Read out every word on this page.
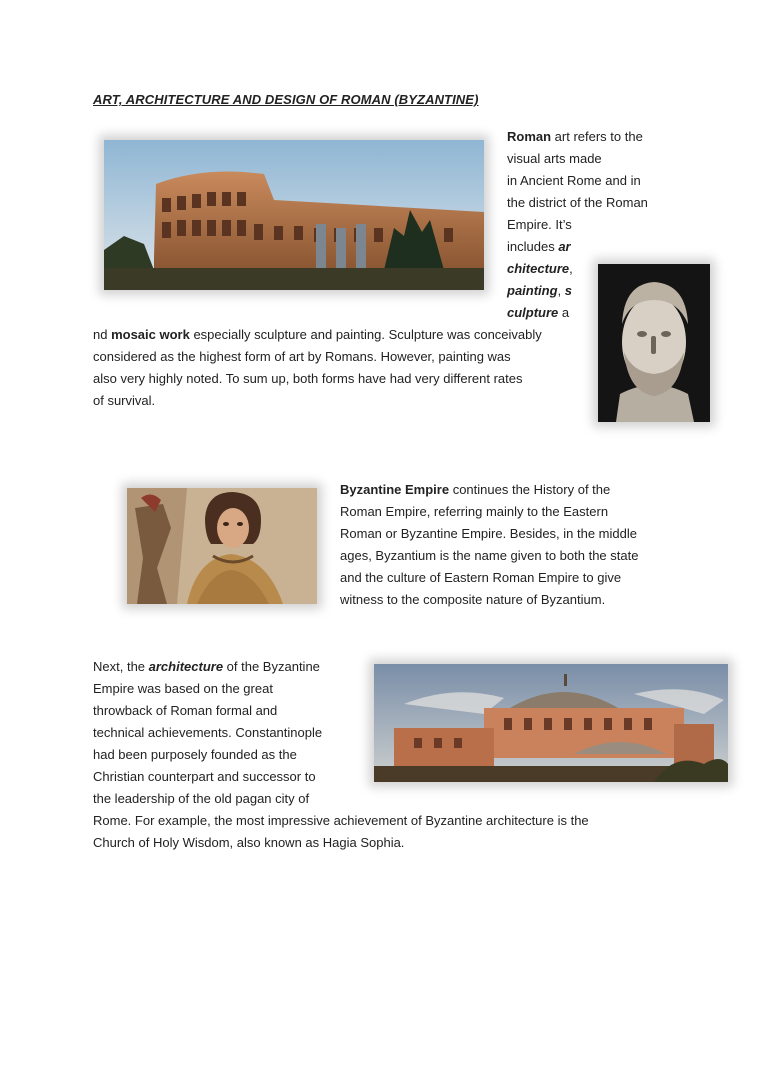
ART, ARCHITECTURE AND DESIGN OF ROMAN (BYZANTINE)
Roman art refers to the
visual arts made
in Ancient Rome and in
the district of the Roman
Empire. It’s
includes ar
chitecture,
painting, s
culpture a
nd mosaic work especially sculpture and painting. Sculpture was conceivably
considered as the highest form of art by Romans. However, painting was
also very highly noted. To sum up, both forms have had very different rates
of survival.
Byzantine Empire continues the History of the
Roman Empire, referring mainly to the Eastern
Roman or Byzantine Empire. Besides, in the middle
ages, Byzantium is the name given to both the state
and the culture of Eastern Roman Empire to give
witness to the composite nature of Byzantium.
Next, the architecture of the Byzantine
Empire was based on the great
throwback of Roman formal and
technical achievements. Constantinople
had been purposely founded as the
Christian counterpart and successor to
the leadership of the old pagan city of
Rome. For example, the most impressive achievement of Byzantine architecture is the
Church of Holy Wisdom, also known as Hagia Sophia.
